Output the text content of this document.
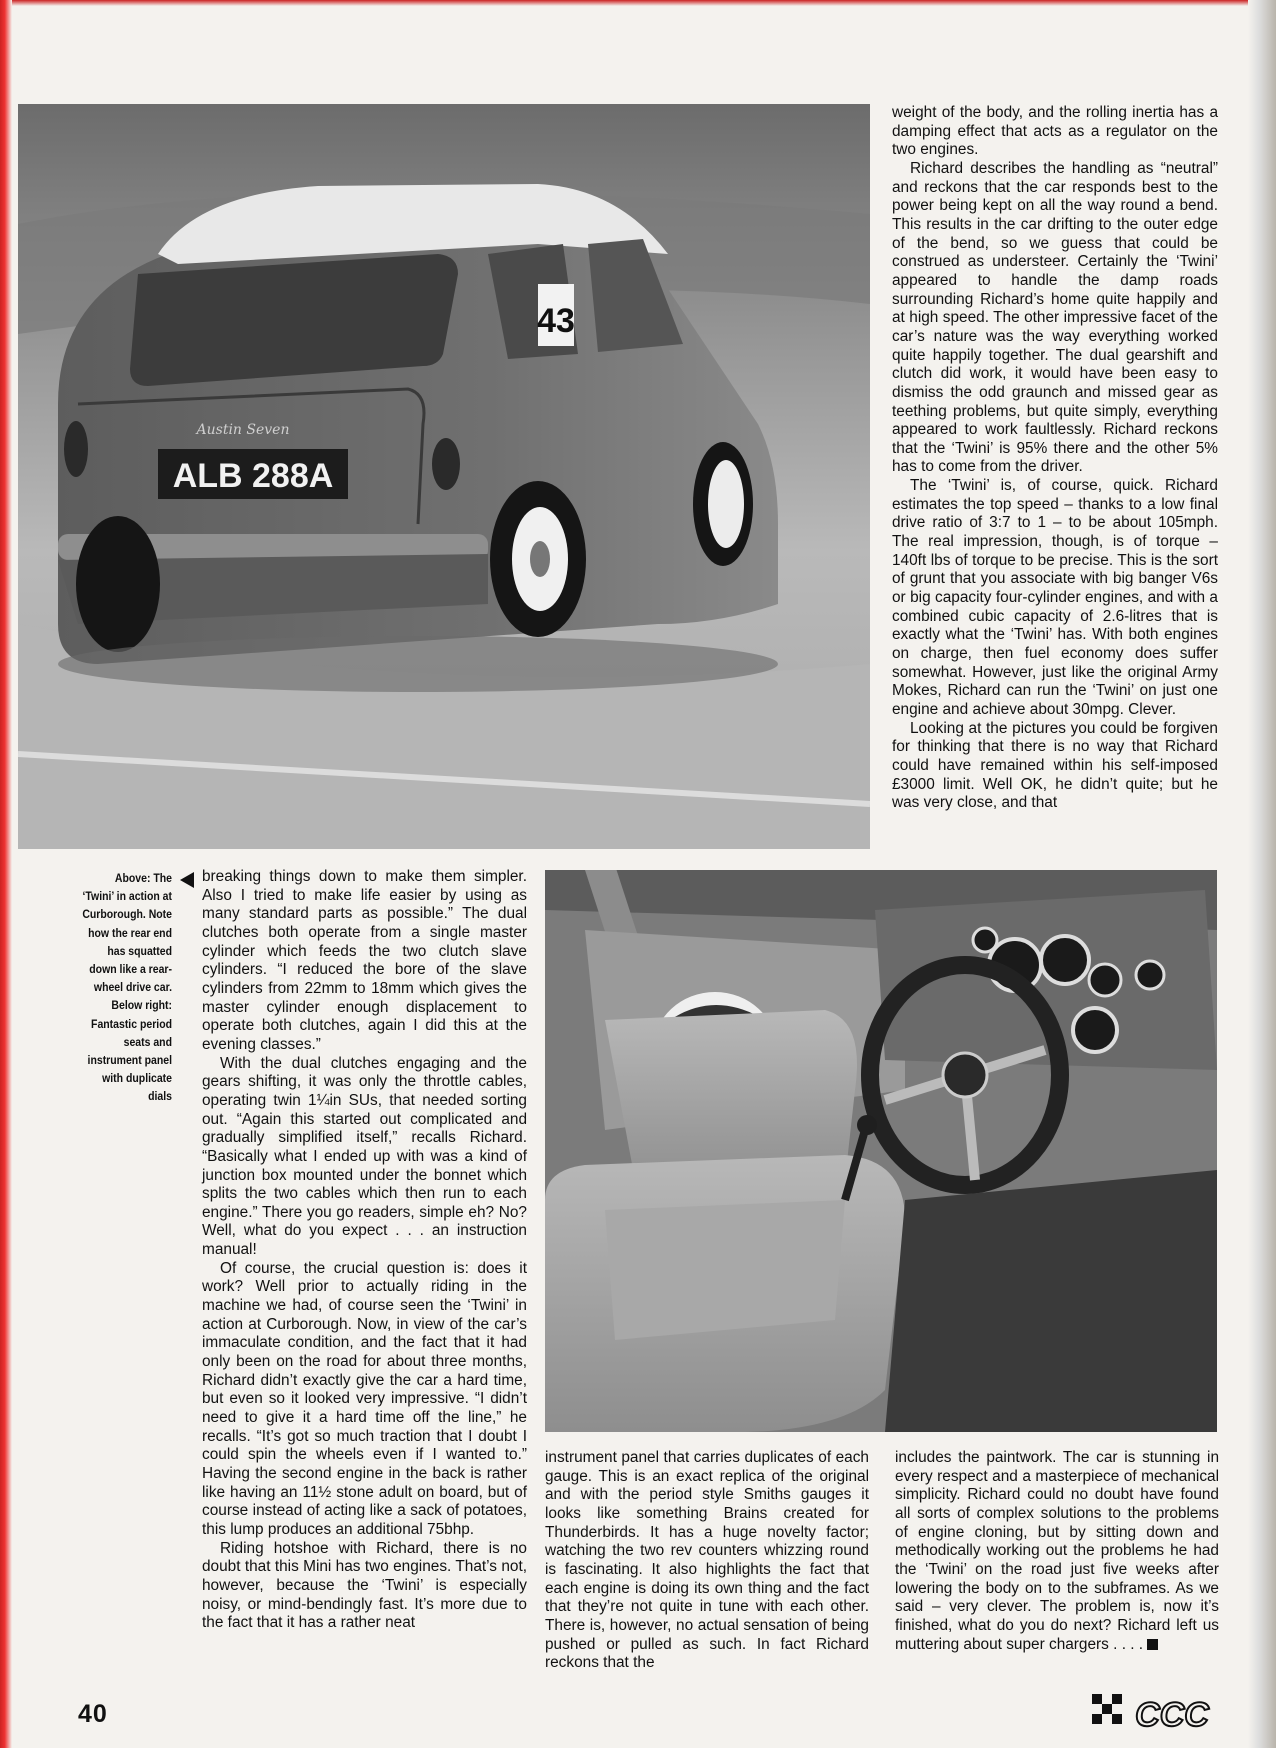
43
ALB 288A
Austin Seven

weight of the body, and the rolling inertia has a damping effect that acts as a regulator on the two engines.

Richard describes the handling as “neutral” and reckons that the car responds best to the power being kept on all the way round a bend. This results in the car drifting to the outer edge of the bend, so we guess that could be construed as understeer. Certainly the ‘Twini’ appeared to handle the damp roads surrounding Richard’s home quite happily and at high speed. The other impressive facet of the car’s nature was the way everything worked quite happily together. The dual gearshift and clutch did work, it would have been easy to dismiss the odd graunch and missed gear as teething problems, but quite simply, everything appeared to work faultlessly. Richard reckons that the ‘Twini’ is 95% there and the other 5% has to come from the driver.

The ‘Twini’ is, of course, quick. Richard estimates the top speed – thanks to a low final drive ratio of 3:7 to 1 – to be about 105mph. The real impression, though, is of torque – 140ft lbs of torque to be precise. This is the sort of grunt that you associate with big banger V6s or big capacity four-cylinder engines, and with a combined cubic capacity of 2.6-litres that is exactly what the ‘Twini’ has. With both engines on charge, then fuel economy does suffer somewhat. However, just like the original Army Mokes, Richard can run the ‘Twini’ on just one engine and achieve about 30mpg. Clever.

Looking at the pictures you could be forgiven for thinking that there is no way that Richard could have remained within his self-imposed £3000 limit. Well OK, he didn’t quite; but he was very close, and that

Above: The ‘Twini’ in action at Curborough. Note how the rear end has squatted down like a rear-wheel drive car. Below right: Fantastic period seats and instrument panel with duplicate dials

breaking things down to make them simpler. Also I tried to make life easier by using as many standard parts as possible.” The dual clutches both operate from a single master cylinder which feeds the two clutch slave cylinders. “I reduced the bore of the slave cylinders from 22mm to 18mm which gives the master cylinder enough displacement to operate both clutches, again I did this at the evening classes.”

With the dual clutches engaging and the gears shifting, it was only the throttle cables, operating twin 1¼in SUs, that needed sorting out. “Again this started out complicated and gradually simplified itself,” recalls Richard. “Basically what I ended up with was a kind of junction box mounted under the bonnet which splits the two cables which then run to each engine.” There you go readers, simple eh? No? Well, what do you expect . . . an instruction manual!

Of course, the crucial question is: does it work? Well prior to actually riding in the machine we had, of course seen the ‘Twini’ in action at Curborough. Now, in view of the car’s immaculate condition, and the fact that it had only been on the road for about three months, Richard didn’t exactly give the car a hard time, but even so it looked very impressive. “I didn’t need to give it a hard time off the line,” he recalls. “It’s got so much traction that I doubt I could spin the wheels even if I wanted to.” Having the second engine in the back is rather like having an 11½ stone adult on board, but of course instead of acting like a sack of potatoes, this lump produces an additional 75bhp.

Riding hotshoe with Richard, there is no doubt that this Mini has two engines. That’s not, however, because the ‘Twini’ is especially noisy, or mind-bendingly fast. It’s more due to the fact that it has a rather neat

instrument panel that carries duplicates of each gauge. This is an exact replica of the original and with the period style Smiths gauges it looks like something Brains created for Thunderbirds. It has a huge novelty factor; watching the two rev counters whizzing round is fascinating. It also highlights the fact that each engine is doing its own thing and the fact that they’re not quite in tune with each other. There is, however, no actual sensation of being pushed or pulled as such. In fact Richard reckons that the

includes the paintwork. The car is stunning in every respect and a masterpiece of mechanical simplicity. Richard could no doubt have found all sorts of complex solutions to the problems of engine cloning, but by sitting down and methodically working out the problems he had the ‘Twini’ on the road just five weeks after lowering the body on to the subframes. As we said – very clever. The problem is, now it’s finished, what do you do next? Richard left us muttering about super chargers . . . .

40	CCC
